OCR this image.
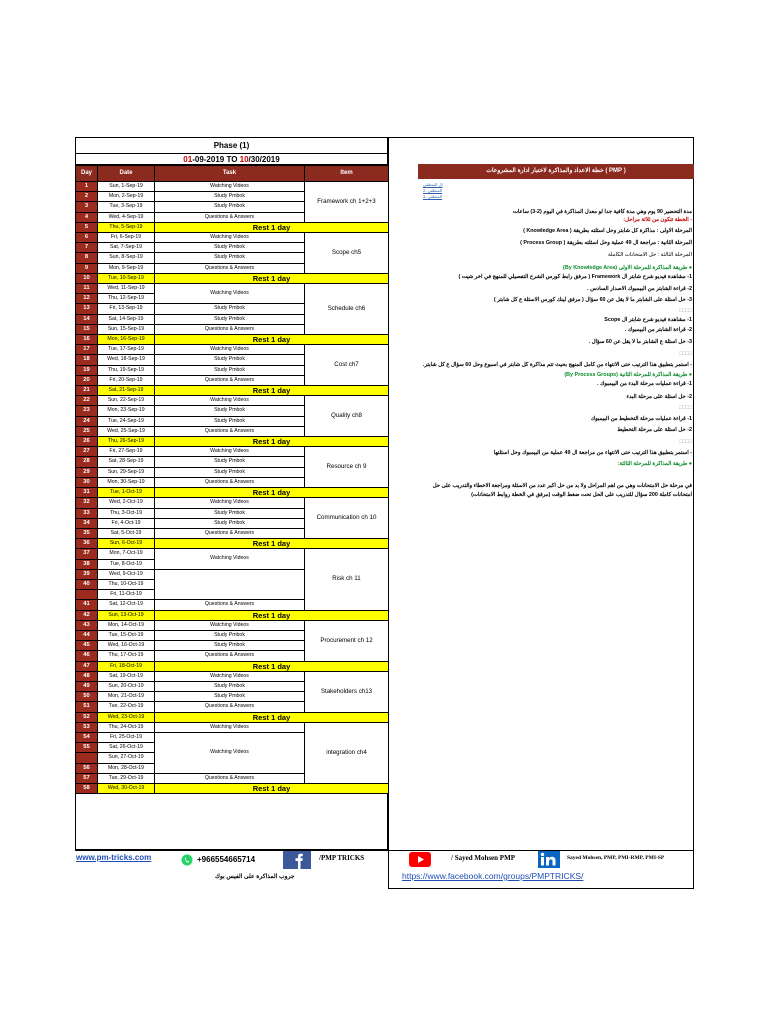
Phase (1)
01-09-2019 TO 10/30/2019
Day	Date	Task	Item
1	Sun, 1-Sep-19	Watching Videos	Framework ch 1+2+3
2	Mon, 2-Sep-19	Study Pmbok	
3	Tue, 3-Sep-19	Study Pmbok	
4	Wed, 4-Sep-19	Questions & Answers	
5	Thu, 5-Sep-19	Rest 1 day	
6	Fri, 6-Sep-19	Watching Videos	Scope ch5
7	Sat, 7-Sep-19	Study Pmbok	
8	Sun, 8-Sep-19	Study Pmbok	
9	Mon, 9-Sep-19	Questions & Answers	
10	Tue, 10-Sep-19	Rest 1 day	
11	Wed, 11-Sep-19	Watching Videos	Schedule ch6
12	Thu, 12-Sep-19		
13	Fri, 13-Sep-19	Study Pmbok	
14	Sat, 14-Sep-19	Study Pmbok	
15	Sun, 15-Sep-19	Questions & Answers	
16	Mon, 16-Sep-19	Rest 1 day	
17	Tue, 17-Sep-19	Watching Videos	Cost ch7
18	Wed, 18-Sep-19	Study Pmbok	
19	Thu, 19-Sep-19	Study Pmbok	
20	Fri, 20-Sep-19	Questions & Answers	
21	Sat, 21-Sep-19	Rest 1 day	
22	Sun, 22-Sep-19	Watching Videos	Quality ch8
23	Mon, 23-Sep-19	Study Pmbok	
24	Tue, 24-Sep-19	Study Pmbok	
25	Wed, 25-Sep-19	Questions & Answers	
26	Thu, 26-Sep-19	Rest 1 day	
27	Fri, 27-Sep-19	Watching Videos	Resource ch 9
28	Sat, 28-Sep-19	Study Pmbok	
29	Sun, 29-Sep-19	Study Pmbok	
30	Mon, 30-Sep-19	Questions & Answers	
31	Tue, 1-Oct-19	Rest 1 day	
32	Wed, 2-Oct-19	Watching Videos	Communication ch 10
33	Thu, 3-Oct-19	Study Pmbok	
34	Fri, 4-Oct-19	Study Pmbok	
35	Sat, 5-Oct-19	Questions & Answers	
36	Sun, 6-Oct-19	Rest 1 day	
37	Mon, 7-Oct-19	Watching Videos	Risk ch 11
38	Tue, 8-Oct-19		
39	Wed, 9-Oct-19		
40	Thu, 10-Oct-19		
	Fri, 11-Oct-19		
41	Sat, 12-Oct-19	Questions & Answers	
42	Sun, 13-Oct-19	Rest 1 day	
43	Mon, 14-Oct-19	Watching Videos	Procurement ch 12
44	Tue, 15-Oct-19	Study Pmbok	
45	Wed, 16-Oct-19	Study Pmbok	
46	Thu, 17-Oct-19	Questions & Answers	
47	Fri, 18-Oct-19	Rest 1 day	
48	Sat, 19-Oct-19	Watching Videos	Stakeholders ch13
49	Sun, 20-Oct-19	Study Pmbok	
50	Mon, 21-Oct-19	Study Pmbok	
51	Tue, 22-Oct-19	Questions & Answers	
52	Wed, 23-Oct-19	Rest 1 day	
53	Thu, 24-Oct-19	Watching Videos	integration ch4
54	Fri, 25-Oct-19	Watching Videos	
55	Sat, 26-Oct-19		
	Sun, 27-Oct-19		
56	Mon, 28-Oct-19		
57	Tue, 29-Oct-19	Questions & Answers	
58	Wed, 30-Oct-19	Rest 1 day	
( PMP ) خطة الاعداد والمذاكرة لاختبار ادارة المشروعات
ال المنطقي
2- المنطقي
3- المنطقي
مدة التحضير 90 يوم وهي مدة كافية جدا لو معدل المذاكرة في اليوم (2-3) ساعات
- الخطة تتكون من ثلاثة مراحل:
المرحلة الاولى : مذاكرة كل شابتر وحل اسئلته بطريقة ( Knowledge Area )
المرحلة الثانية : مراجعة ال 49 عملية وحل اسئلته بطريقة ( Process Group )
المرحلة الثالثة : حل الامتحانات الكاملة
● طريقة المذاكرة للمرحلة الاولى (By Knowledge Area)
1- مشاهدة فيديو شرح شابتر ال Framework ( مرفق رابط كورس الشرح التفصيلي للمنهج في اخر شيت )
2- قراءة الشابتر من البيمبوك الاصدار السادس .
3- حل اسئلة على الشابتر ما لا يقل عن 60 سؤال ( مرفق لينك كورس الاسئلة ع كل شابتر )
□□□□
1- مشاهدة فيديو شرح شابتر ال Scope
2- قراءة الشابتر من البيمبوك .
3- حل اسئلة ع الشابتر ما لا يقل عن 60 سؤال .
□□□□
- استمر بتطبيق هذا الترتيب حتى الانتهاء من كامل المنهج بحيث تتم مذاكرة كل شابتر في اسبوع وحل 60 سؤال ع كل شابتر.
● طريقة المذاكرة للمرحلة الثانية (By Process Groups)
1- قراءة عمليات مرحلة البدء من البيمبوك .
2- حل اسئلة على مرحلة البدء
□□□□
1- قراءة عمليات مرحلة التخطيط من البيمبوك
2- حل اسئلة على مرحلة التخطيط
□□□□
- استمر بتطبيق هذا الترتيب حتى الانتهاء من مراجعة ال 49 عملية من البيمبوك وحل اسئلتها
● طريقة المذاكرة للمرحلة الثالثة:
في مرحلة حل الامتحانات وهي من اهم المراحل ولا بد من حل اكبر عدد من الاسئلة ومراجعة الاخطاء والتدريب على حل
امتحانات كاملة 200 سؤال للتدريب على الحل تحت ضغط الوقت (مرفق في الخطة روابط الامتحانات)
www.pm-tricks.com	+966554665714	/PMP TRICKS	/ Sayed Mohsen PMP	Sayed Mohsen, PMP, PMI-RMP, PMI-SP
جروب المذاكرة على الفيس بوك	https://www.facebook.com/groups/PMPTRICKS/
